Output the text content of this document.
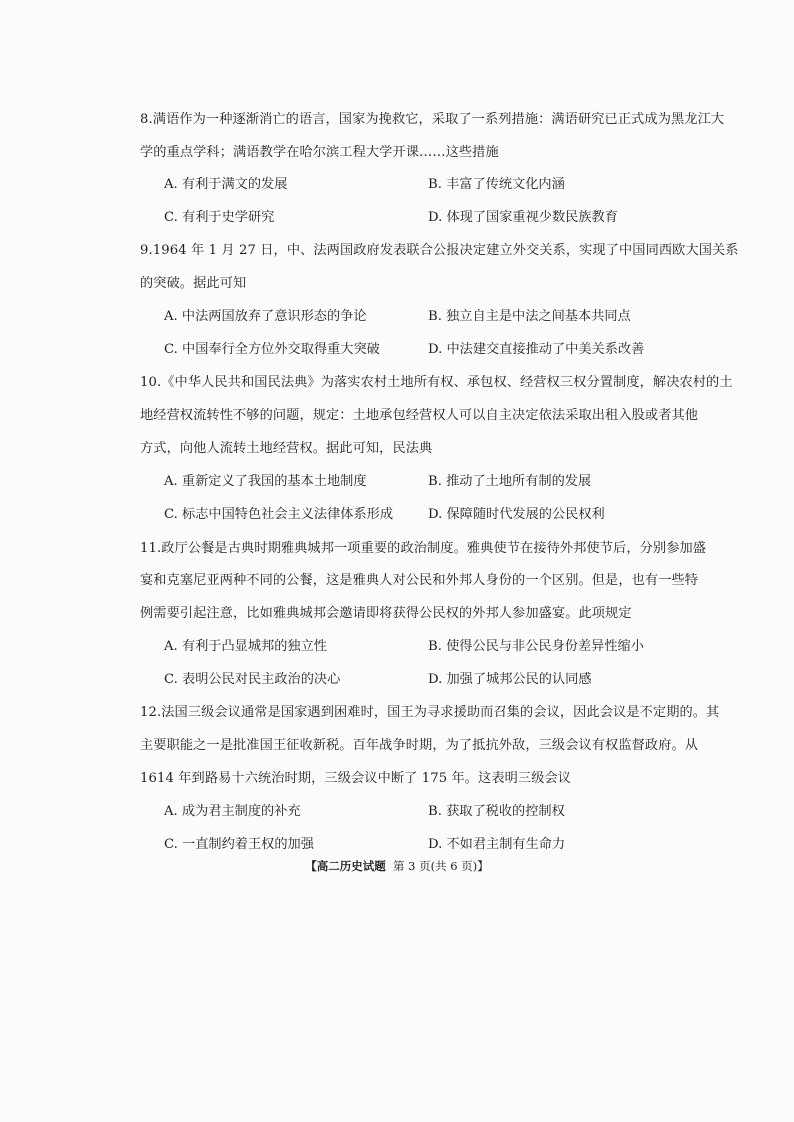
8.满语作为一种逐渐消亡的语言，国家为挽救它，采取了一系列措施：满语研究已正式成为黑龙江大
学的重点学科；满语教学在哈尔滨工程大学开课……这些措施
A. 有利于满文的发展	B. 丰富了传统文化内涵
C. 有利于史学研究	D. 体现了国家重视少数民族教育
9.1964 年 1 月 27 日，中、法两国政府发表联合公报决定建立外交关系，实现了中国同西欧大国关系
的突破。据此可知
A. 中法两国放弃了意识形态的争论	B. 独立自主是中法之间基本共同点
C. 中国奉行全方位外交取得重大突破	D. 中法建交直接推动了中美关系改善
10.《中华人民共和国民法典》为落实农村土地所有权、承包权、经营权三权分置制度，解决农村的土
地经营权流转性不够的问题，规定：土地承包经营权人可以自主决定依法采取出租入股或者其他
方式，向他人流转土地经营权。据此可知，民法典
A. 重新定义了我国的基本土地制度	B. 推动了土地所有制的发展
C. 标志中国特色社会主义法律体系形成	D. 保障随时代发展的公民权利
11.政厅公餐是古典时期雅典城邦一项重要的政治制度。雅典使节在接待外邦使节后，分别参加盛
宴和克塞尼亚两种不同的公餐，这是雅典人对公民和外邦人身份的一个区别。但是，也有一些特
例需要引起注意，比如雅典城邦会邀请即将获得公民权的外邦人参加盛宴。此项规定
A. 有利于凸显城邦的独立性	B. 使得公民与非公民身份差异性缩小
C. 表明公民对民主政治的决心	D. 加强了城邦公民的认同感
12.法国三级会议通常是国家遇到困难时，国王为寻求援助而召集的会议，因此会议是不定期的。其
主要职能之一是批准国王征收新税。百年战争时期，为了抵抗外敌，三级会议有权监督政府。从
1614 年到路易十六统治时期，三级会议中断了 175 年。这表明三级会议
A. 成为君主制度的补充	B. 获取了税收的控制权
C. 一直制约着王权的加强	D. 不如君主制有生命力
【高二历史试题 第 3 页(共 6 页)】
